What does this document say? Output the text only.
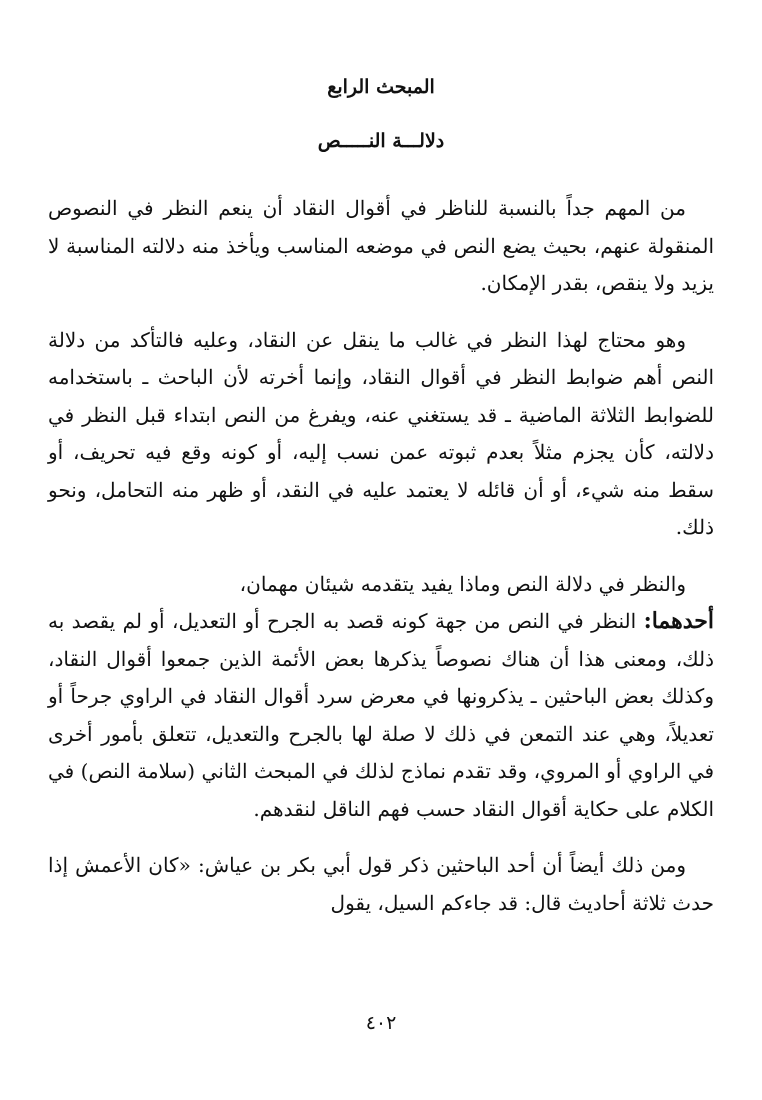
المبحث الرابع
دلالـــة النـــــص

من المهم جداً بالنسبة للناظر في أقوال النقاد أن ينعم النظر في النصوص المنقولة عنهم، بحيث يضع النص في موضعه المناسب ويأخذ منه دلالته المناسبة لا يزيد ولا ينقص، بقدر الإمكان.

وهو محتاج لهذا النظر في غالب ما ينقل عن النقاد، وعليه فالتأكد من دلالة النص أهم ضوابط النظر في أقوال النقاد، وإنما أخرته لأن الباحث ـ باستخدامه للضوابط الثلاثة الماضية ـ قد يستغني عنه، ويفرغ من النص ابتداء قبل النظر في دلالته، كأن يجزم مثلاً بعدم ثبوته عمن نسب إليه، أو كونه وقع فيه تحريف، أو سقط منه شيء، أو أن قائله لا يعتمد عليه في النقد، أو ظهر منه التحامل، ونحو ذلك.

والنظر في دلالة النص وماذا يفيد يتقدمه شيئان مهمان،
أحدهما: النظر في النص من جهة كونه قصد به الجرح أو التعديل، أو لم يقصد به ذلك، ومعنى هذا أن هناك نصوصاً يذكرها بعض الأئمة الذين جمعوا أقوال النقاد، وكذلك بعض الباحثين ـ يذكرونها في معرض سرد أقوال النقاد في الراوي جرحاً أو تعديلاً، وهي عند التمعن في ذلك لا صلة لها بالجرح والتعديل، تتعلق بأمور أخرى في الراوي أو المروي، وقد تقدم نماذج لذلك في المبحث الثاني (سلامة النص) في الكلام على حكاية أقوال النقاد حسب فهم الناقل لنقدهم.

ومن ذلك أيضاً أن أحد الباحثين ذكر قول أبي بكر بن عياش: «كان الأعمش إذا حدث ثلاثة أحاديث قال: قد جاءكم السيل، يقول

٤٠٢
